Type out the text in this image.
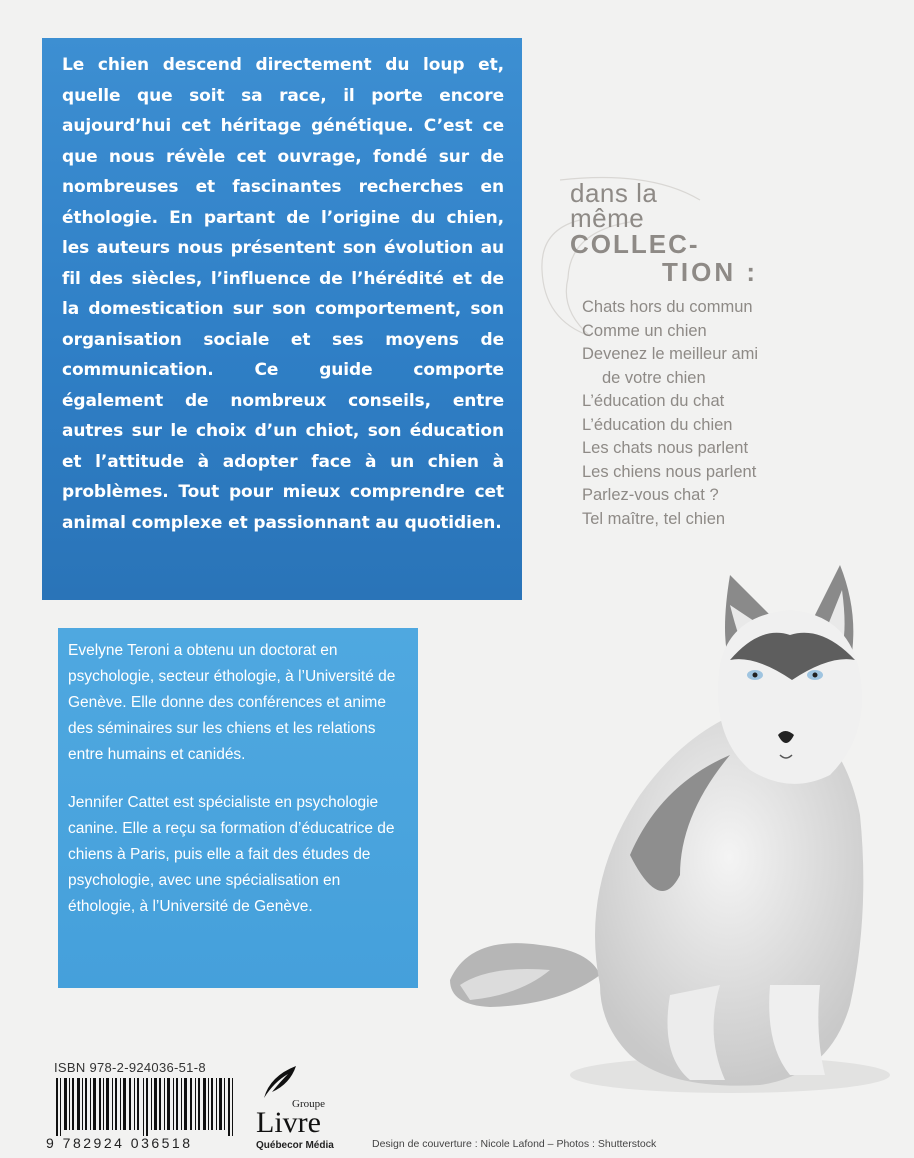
Le chien descend directement du loup et, quelle que soit sa race, il porte encore aujourd’hui cet héritage génétique. C’est ce que nous révèle cet ouvrage, fondé sur de nombreuses et fascinantes recherches en éthologie. En partant de l’origine du chien, les auteurs nous présentent son évolution au fil des siècles, l’influence de l’hérédité et de la domestication sur son comportement, son organisation sociale et ses moyens de communication. Ce guide comporte également de nombreux conseils, entre autres sur le choix d’un chiot, son éducation et l’attitude à adopter face à un chien à problèmes. Tout pour mieux comprendre cet animal complexe et passionnant au quotidien.

Evelyne Teroni a obtenu un doctorat en psychologie, secteur éthologie, à l’Université de Genève. Elle donne des conférences et anime des séminaires sur les chiens et les relations entre humains et canidés.

Jennifer Cattet est spécialiste en psychologie canine. Elle a reçu sa formation d’éducatrice de chiens à Paris, puis elle a fait des études de psychologie, avec une spécialisation en éthologie, à l’Université de Genève.

dans la
même
COLLEC-
TION :
Chats hors du commun
Comme un chien
Devenez le meilleur ami
de votre chien
L’éducation du chat
L’éducation du chien
Les chats nous parlent
Les chiens nous parlent
Parlez-vous chat ?
Tel maître, tel chien
ISBN 978-2-924036-51-8
9 782924 036518
Groupe
Livre
Québecor Média	Design de couverture : Nicole Lafond – Photos : Shutterstock
